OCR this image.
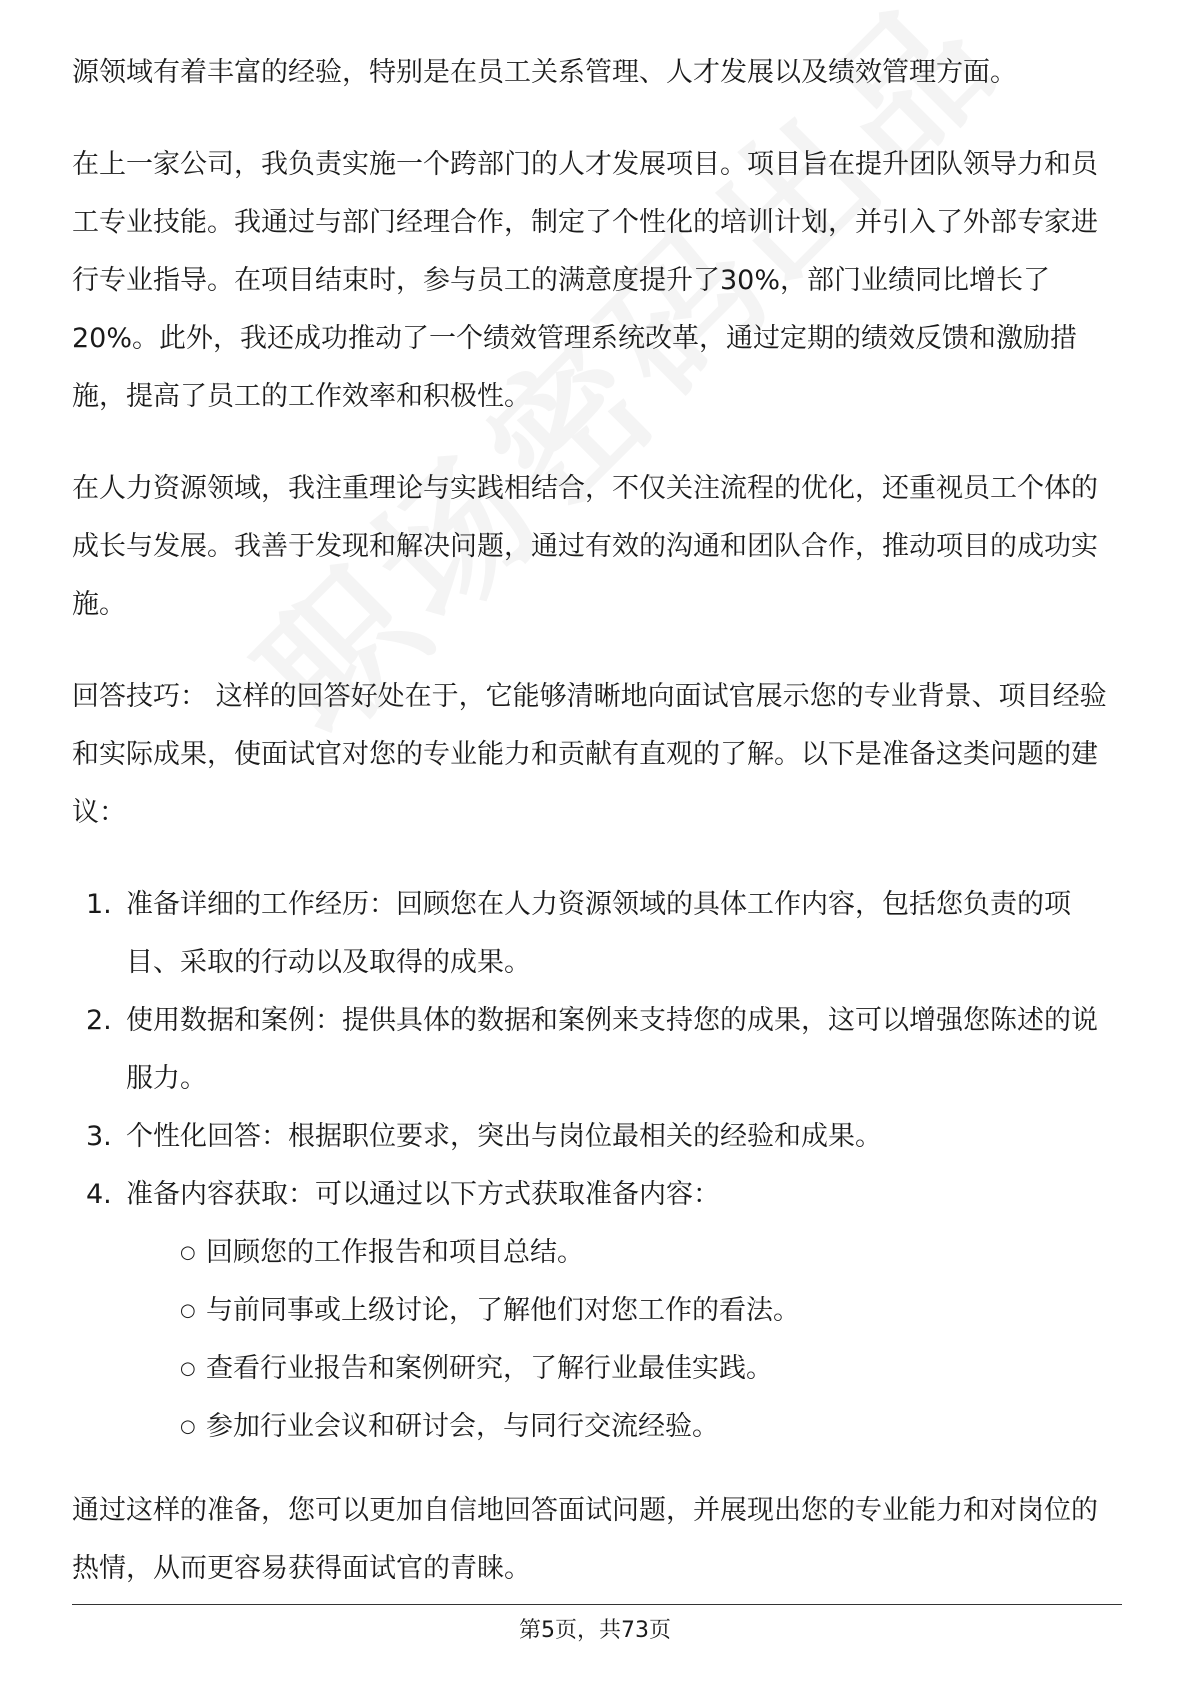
源领域有着丰富的经验，特别是在员工关系管理、人才发展以及绩效管理方面。

在上一家公司，我负责实施一个跨部门的人才发展项目。项目旨在提升团队领导力和员工专业技能。我通过与部门经理合作，制定了个性化的培训计划，并引入了外部专家进行专业指导。在项目结束时，参与员工的满意度提升了30%，部门业绩同比增长了20%。此外，我还成功推动了一个绩效管理系统改革，通过定期的绩效反馈和激励措施，提高了员工的工作效率和积极性。

在人力资源领域，我注重理论与实践相结合，不仅关注流程的优化，还重视员工个体的成长与发展。我善于发现和解决问题，通过有效的沟通和团队合作，推动项目的成功实施。

回答技巧： 这样的回答好处在于，它能够清晰地向面试官展示您的专业背景、项目经验和实际成果，使面试官对您的专业能力和贡献有直观的了解。以下是准备这类问题的建议：

1. 准备详细的工作经历：回顾您在人力资源领域的具体工作内容，包括您负责的项目、采取的行动以及取得的成果。
2. 使用数据和案例：提供具体的数据和案例来支持您的成果，这可以增强您陈述的说服力。
3. 个性化回答：根据职位要求，突出与岗位最相关的经验和成果。
4. 准备内容获取：可以通过以下方式获取准备内容：
○ 回顾您的工作报告和项目总结。
○ 与前同事或上级讨论，了解他们对您工作的看法。
○ 查看行业报告和案例研究，了解行业最佳实践。
○ 参加行业会议和研讨会，与同行交流经验。

通过这样的准备，您可以更加自信地回答面试问题，并展现出您的专业能力和对岗位的热情，从而更容易获得面试官的青睐。

第5页，共73页
